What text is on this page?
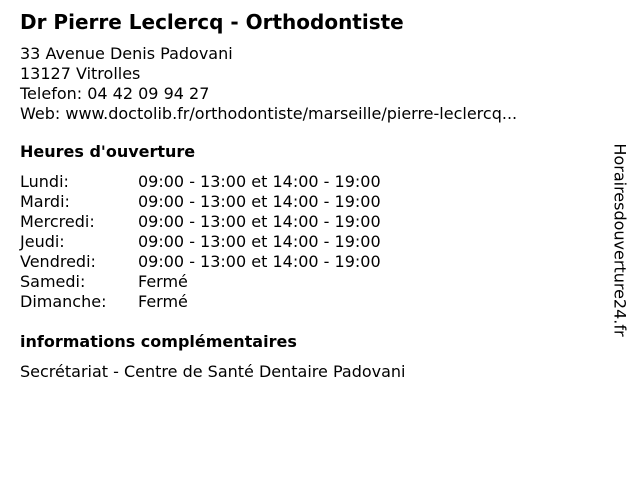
Dr Pierre Leclercq - Orthodontiste
33 Avenue Denis Padovani
13127 Vitrolles
Telefon: 04 42 09 94 27
Web: www.doctolib.fr/orthodontiste/marseille/pierre-leclercq...
Heures d'ouverture
Lundi:	09:00 - 13:00 et 14:00 - 19:00
Mardi:	09:00 - 13:00 et 14:00 - 19:00
Mercredi:	09:00 - 13:00 et 14:00 - 19:00
Jeudi:	09:00 - 13:00 et 14:00 - 19:00
Vendredi:	09:00 - 13:00 et 14:00 - 19:00
Samedi:	Fermé
Dimanche:	Fermé
informations complémentaires
Secrétariat - Centre de Santé Dentaire Padovani
Horairesdouverture24.fr
